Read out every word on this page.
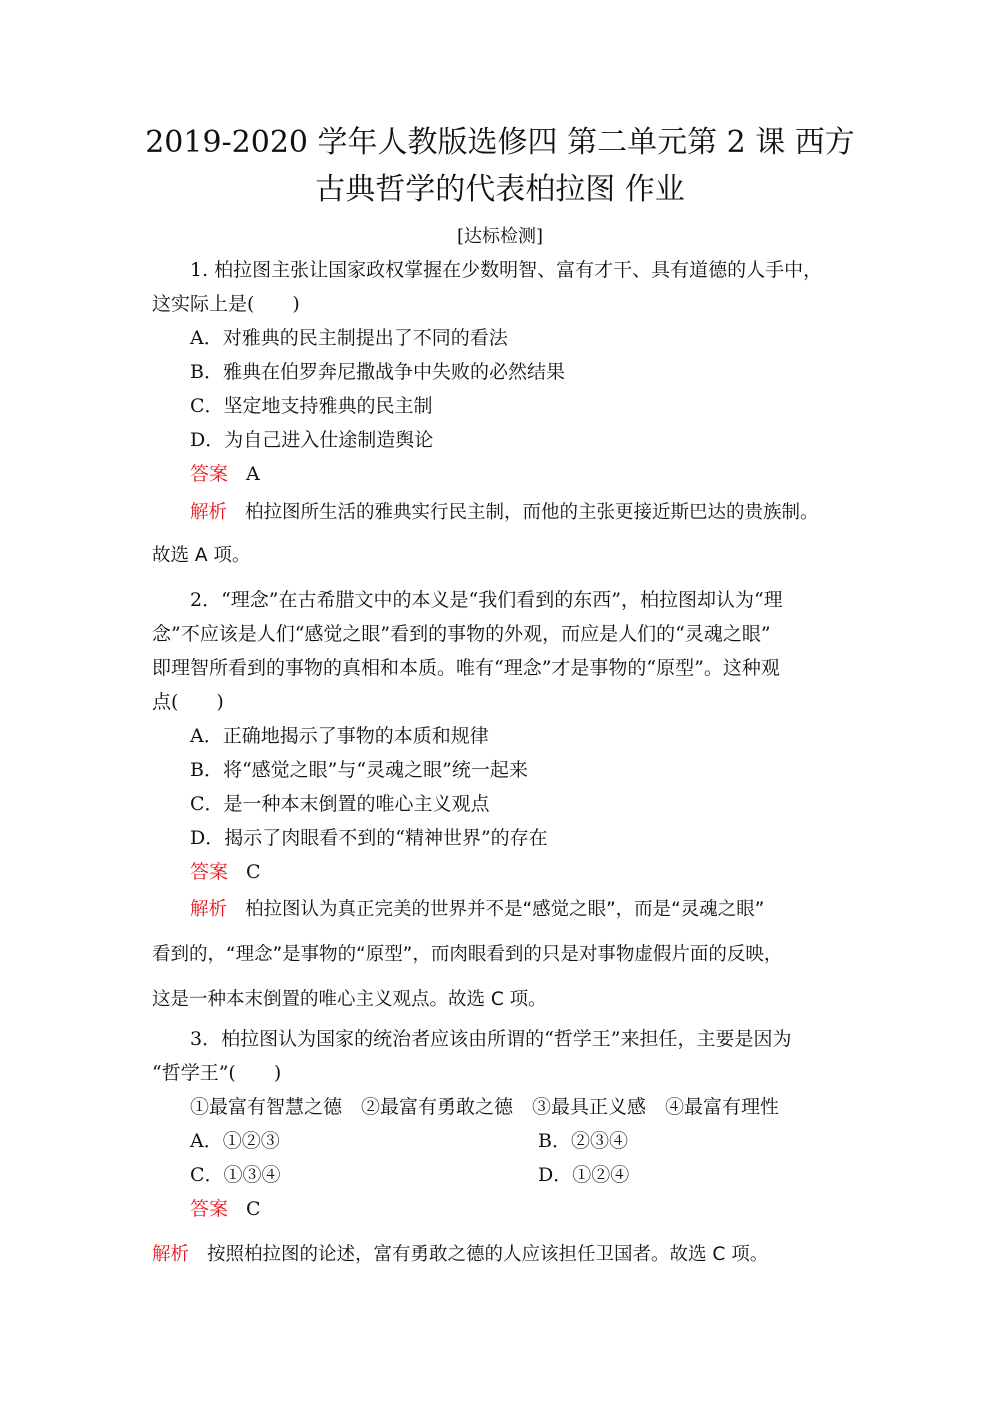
2019-2020 学年人教版选修四 第二单元第 2 课 西方
古典哲学的代表柏拉图 作业
[达标检测]
1. 柏拉图主张让国家政权掌握在少数明智、富有才干、具有道德的人手中，
这实际上是(　　)
A．对雅典的民主制提出了不同的看法
B．雅典在伯罗奔尼撒战争中失败的必然结果
C．坚定地支持雅典的民主制
D．为自己进入仕途制造舆论
答案 A
解析 柏拉图所生活的雅典实行民主制，而他的主张更接近斯巴达的贵族制。
故选 A 项。
2．“理念”在古希腊文中的本义是“我们看到的东西”，柏拉图却认为“理
念”不应该是人们“感觉之眼”看到的事物的外观，而应是人们的“灵魂之眼”
即理智所看到的事物的真相和本质。唯有“理念”才是事物的“原型”。这种观
点(　　)
A．正确地揭示了事物的本质和规律
B．将“感觉之眼”与“灵魂之眼”统一起来
C．是一种本末倒置的唯心主义观点
D．揭示了肉眼看不到的“精神世界”的存在
答案 C
解析 柏拉图认为真正完美的世界并不是“感觉之眼”，而是“灵魂之眼”
看到的，“理念”是事物的“原型”，而肉眼看到的只是对事物虚假片面的反映，
这是一种本末倒置的唯心主义观点。故选 C 项。
3．柏拉图认为国家的统治者应该由所谓的“哲学王”来担任，主要是因为
“哲学王”(　　)
①最富有智慧之德　②最富有勇敢之德　③最具正义感　④最富有理性
A．①②③	B．②③④
C．①③④	D．①②④
答案 C
解析 按照柏拉图的论述，富有勇敢之德的人应该担任卫国者。故选 C 项。
